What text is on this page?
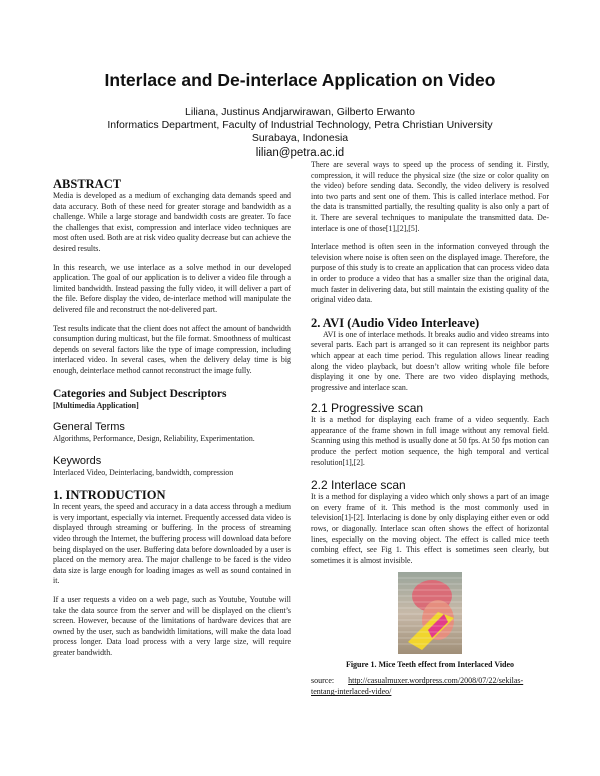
Interlace and De-interlace Application on Video
Liliana, Justinus Andjarwirawan, Gilberto Erwanto
Informatics Department, Faculty of Industrial Technology, Petra Christian University
Surabaya, Indonesia
lilian@petra.ac.id
ABSTRACT

Media is developed as a medium of exchanging data demands speed and data accuracy. Both of these need for greater storage and bandwidth as a challenge. While a large storage and bandwidth costs are greater. To face the challenges that exist, compression and interlace video techniques are most often used. Both are at risk video quality decrease but can achieve the desired results.

In this research, we use interlace as a solve method in our developed application. The goal of our application is to deliver a video file through a limited bandwidth. Instead passing the fully video, it will deliver a part of the file. Before display the video, de-interlace method will manipulate the delivered file and reconstruct the not-delivered part.

Test results indicate that the client does not affect the amount of bandwidth consumption during multicast, but the file format. Smoothness of multicast depends on several factors like the type of image compression, including interlaced video. In several cases, when the delivery delay time is big enough, deinterlace method cannot reconstruct the image fully.

Categories and Subject Descriptors

[Multimedia Application]

General Terms

Algorithms, Performance, Design, Reliability, Experimentation.

Keywords

Interlaced Video, Deinterlacing, bandwidth, compression

1. INTRODUCTION

In recent years, the speed and accuracy in a data access through a medium is very important, especially via internet. Frequently accessed data video is displayed through streaming or buffering. In the process of streaming video through the Internet, the buffering process will download data before being displayed on the user. Buffering data before downloaded by a user is placed on the memory area. The major challenge to be faced is the video data size is large enough for loading images as well as sound contained in it.

If a user requests a video on a web page, such as Youtube, Youtube will take the data source from the server and will be displayed on the client’s screen. However, because of the limitations of hardware devices that are owned by the user, such as bandwidth limitations, will make the data load process longer. Data load process with a very large size, will require greater bandwidth.

There are several ways to speed up the process of sending it. Firstly, compression, it will reduce the physical size (the size or color quality on the video) before sending data. Secondly, the video delivery is resolved into two parts and sent one of them. This is called interlace method. For the data is transmitted partially, the resulting quality is also only a part of it. There are several techniques to manipulate the transmitted data. De-interlace is one of those[1],[2],[5].

Interlace method is often seen in the information conveyed through the television where noise is often seen on the displayed image. Therefore, the purpose of this study is to create an application that can process video data in order to produce a video that has a smaller size than the original data, much faster in delivering data, but still maintain the existing quality of the original video data.

2. AVI (Audio Video Interleave)

AVI is one of interlace methods. It breaks audio and video streams into several parts. Each part is arranged so it can represent its neighbor parts which appear at each time period. This regulation allows linear reading along the video playback, but doesn’t allow writing whole file before displaying it one by one. There are two video displaying methods, progressive and interlace scan.

2.1 Progressive scan

It is a method for displaying each frame of a video sequently. Each appearance of the frame shown in full image without any removal field. Scanning using this method is usually done at 50 fps. At 50 fps motion can produce the perfect motion sequence, the high temporal and vertical resolution[1],[2].

2.2 Interlace scan

It is a method for displaying a video which only shows a part of an image on every frame of it. This method is the most commonly used in television[1]-[2]. Interlacing is done by only displaying either even or odd rows, or diagonally. Interlace scan often shows the effect of horizontal lines, especially on the moving object. The effect is called mice teeth combing effect, see Fig 1. This effect is sometimes seen clearly, but sometimes it is almost invisible.

Figure 1. Mice Teeth effect from Interlaced Video
source: http://casualmuxer.wordpress.com/2008/07/22/sekilas-tentang-interlaced-video/
